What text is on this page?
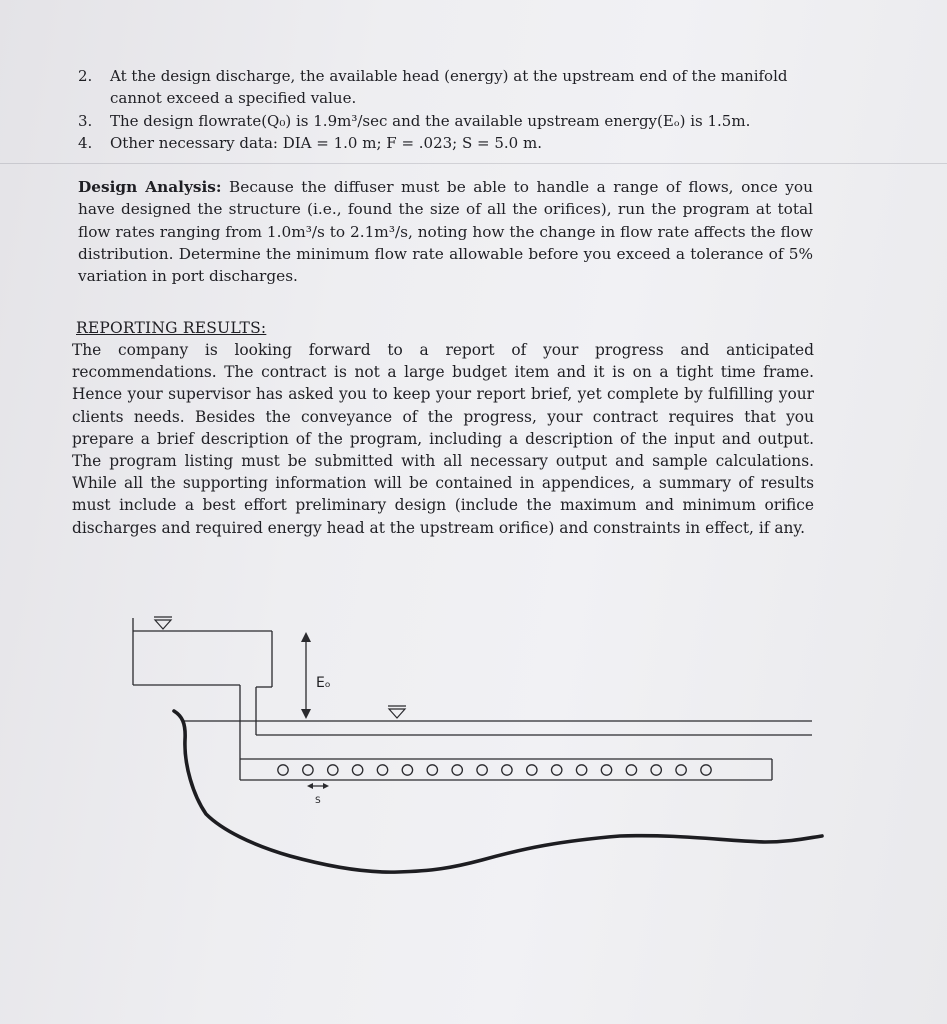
2. At the design discharge, the available head (energy) at the upstream end of the manifold
cannot exceed a specified value.
3. The design flowrate(Q₀) is 1.9m³/sec and the available upstream energy(Eₒ) is 1.5m.
4. Other necessary data: DIA = 1.0 m; F = .023; S = 5.0 m.
Design Analysis: Because the diffuser must be able to handle a range of flows, once you have designed the structure (i.e., found the size of all the orifices), run the program at total flow rates ranging from 1.0m³/s to 2.1m³/s, noting how the change in flow rate affects the flow distribution. Determine the minimum flow rate allowable before you exceed a tolerance of 5% variation in port discharges.
REPORTING RESULTS:
The company is looking forward to a report of your progress and anticipated recommendations. The contract is not a large budget item and it is on a tight time frame. Hence your supervisor has asked you to keep your report brief, yet complete by fulfilling your clients needs. Besides the conveyance of the progress, your contract requires that you prepare a brief description of the program, including a description of the input and output. The program listing must be submitted with all necessary output and sample calculations. While all the supporting information will be contained in appendices, a summary of results must include a best effort preliminary design (include the maximum and minimum orifice discharges and required energy head at the upstream orifice) and constraints in effect, if any.
Eₒ
S
